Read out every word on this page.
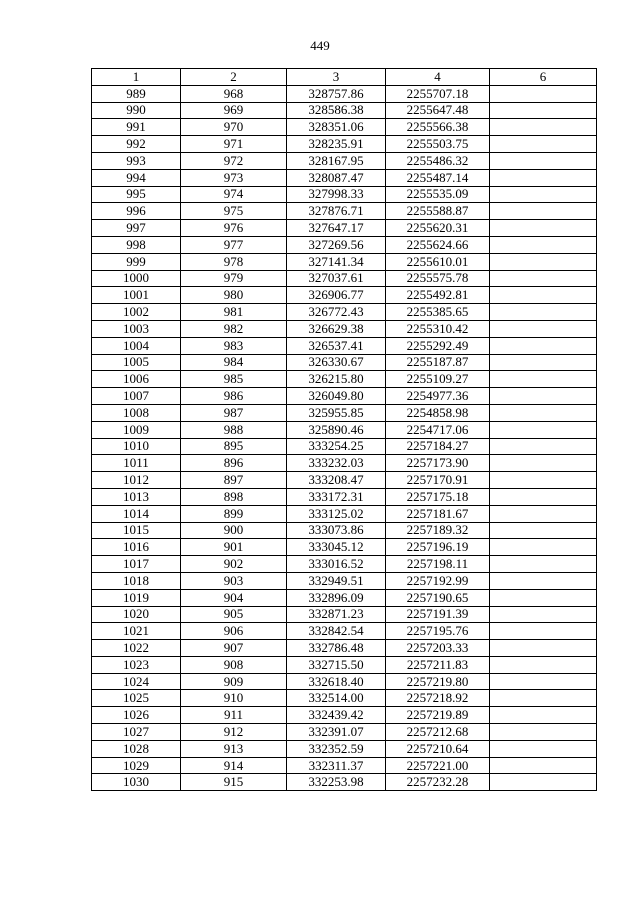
449
1	2	3	4	6
989	968	328757.86	2255707.18	
990	969	328586.38	2255647.48	
991	970	328351.06	2255566.38	
992	971	328235.91	2255503.75	
993	972	328167.95	2255486.32	
994	973	328087.47	2255487.14	
995	974	327998.33	2255535.09	
996	975	327876.71	2255588.87	
997	976	327647.17	2255620.31	
998	977	327269.56	2255624.66	
999	978	327141.34	2255610.01	
1000	979	327037.61	2255575.78	
1001	980	326906.77	2255492.81	
1002	981	326772.43	2255385.65	
1003	982	326629.38	2255310.42	
1004	983	326537.41	2255292.49	
1005	984	326330.67	2255187.87	
1006	985	326215.80	2255109.27	
1007	986	326049.80	2254977.36	
1008	987	325955.85	2254858.98	
1009	988	325890.46	2254717.06	
1010	895	333254.25	2257184.27	
1011	896	333232.03	2257173.90	
1012	897	333208.47	2257170.91	
1013	898	333172.31	2257175.18	
1014	899	333125.02	2257181.67	
1015	900	333073.86	2257189.32	
1016	901	333045.12	2257196.19	
1017	902	333016.52	2257198.11	
1018	903	332949.51	2257192.99	
1019	904	332896.09	2257190.65	
1020	905	332871.23	2257191.39	
1021	906	332842.54	2257195.76	
1022	907	332786.48	2257203.33	
1023	908	332715.50	2257211.83	
1024	909	332618.40	2257219.80	
1025	910	332514.00	2257218.92	
1026	911	332439.42	2257219.89	
1027	912	332391.07	2257212.68	
1028	913	332352.59	2257210.64	
1029	914	332311.37	2257221.00	
1030	915	332253.98	2257232.28	
